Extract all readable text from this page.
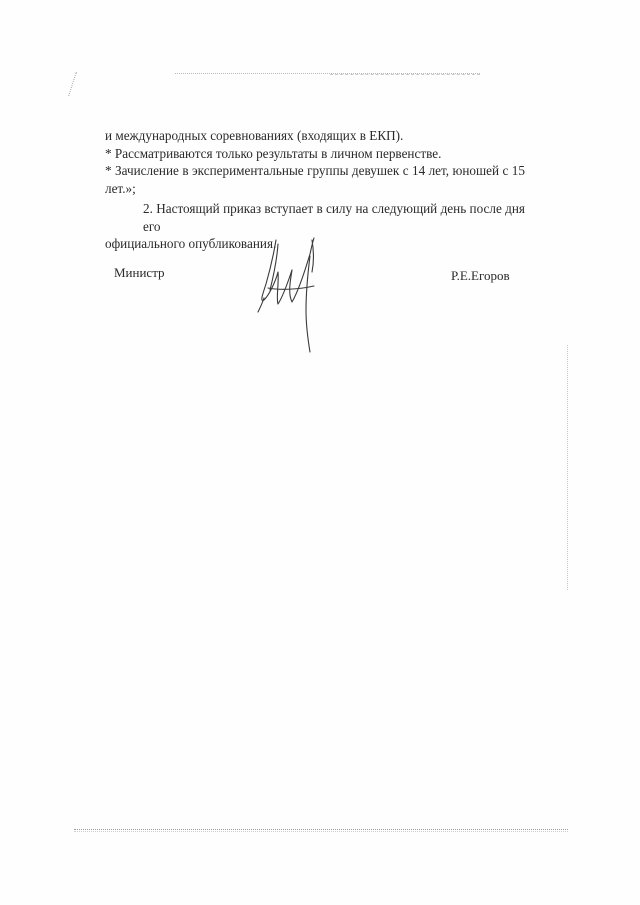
и международных соревнованиях (входящих в ЕКП).
* Рассматриваются только результаты в личном первенстве.
* Зачисление в экспериментальные группы девушек с 14 лет, юношей с 15
лет.»;
2. Настоящий приказ вступает в силу на следующий день после дня его
официального опубликования.
Министр	Р.Е.Егоров
